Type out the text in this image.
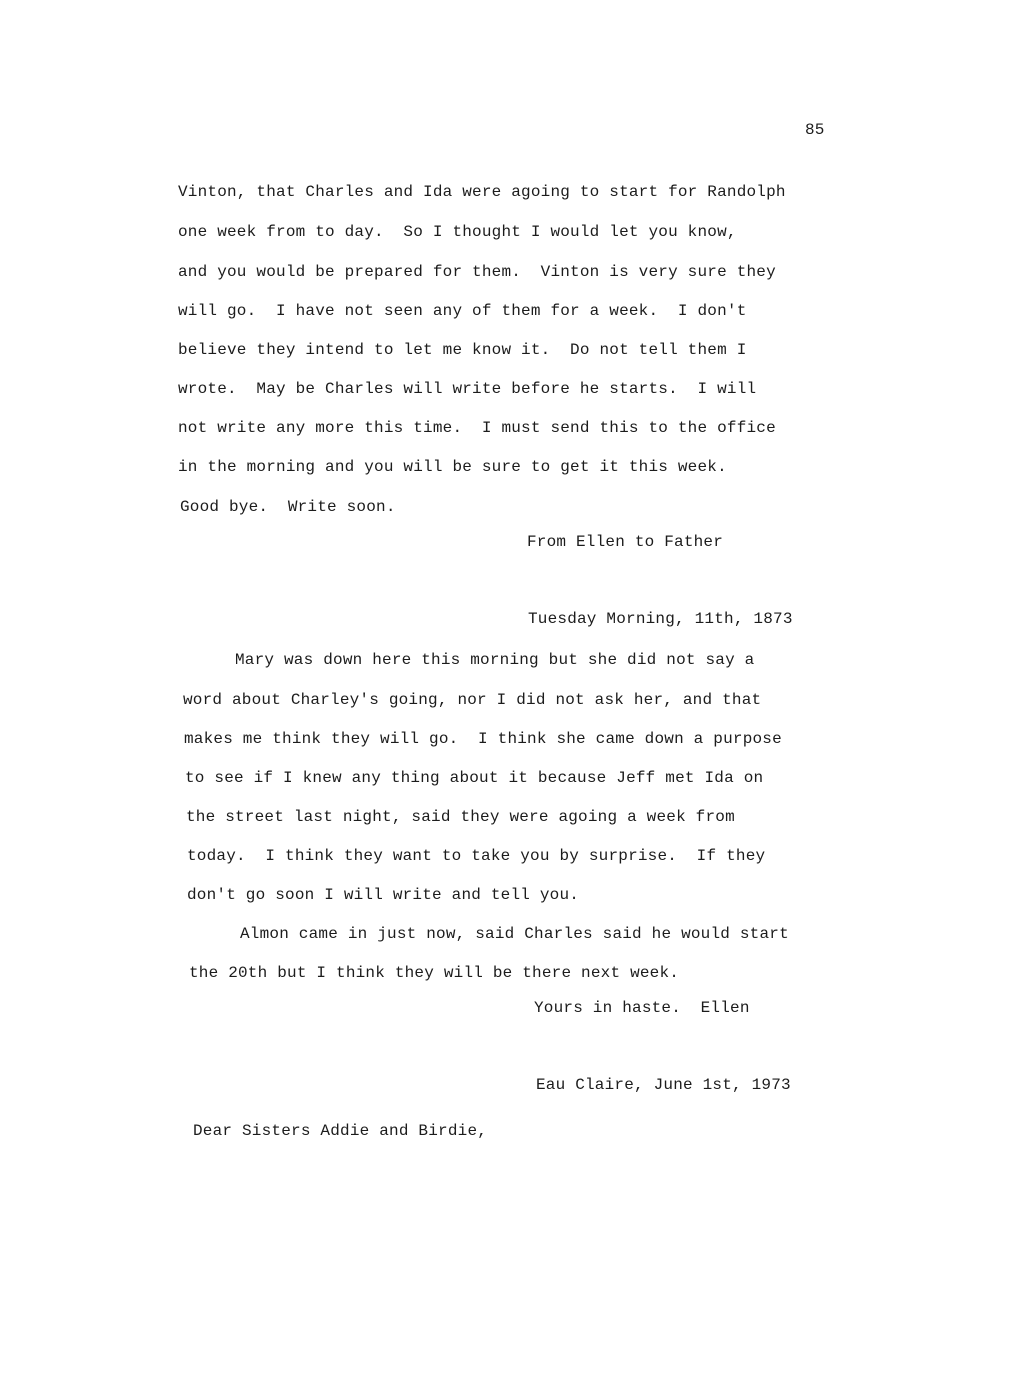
85
Vinton, that Charles and Ida were agoing to start for Randolph
one week from to day.  So I thought I would let you know,
and you would be prepared for them.  Vinton is very sure they
will go.  I have not seen any of them for a week.  I don't
believe they intend to let me know it.  Do not tell them I
wrote.  May be Charles will write before he starts.  I will
not write any more this time.  I must send this to the office
in the morning and you will be sure to get it this week.
Good bye.  Write soon.
From Ellen to Father
Tuesday Morning, 11th, 1873
Mary was down here this morning but she did not say a
word about Charley's going, nor I did not ask her, and that
makes me think they will go.  I think she came down a purpose
to see if I knew any thing about it because Jeff met Ida on
the street last night, said they were agoing a week from
today.  I think they want to take you by surprise.  If they
don't go soon I will write and tell you.
Almon came in just now, said Charles said he would start
the 20th but I think they will be there next week.
Yours in haste.  Ellen
Eau Claire, June 1st, 1973
Dear Sisters Addie and Birdie,
